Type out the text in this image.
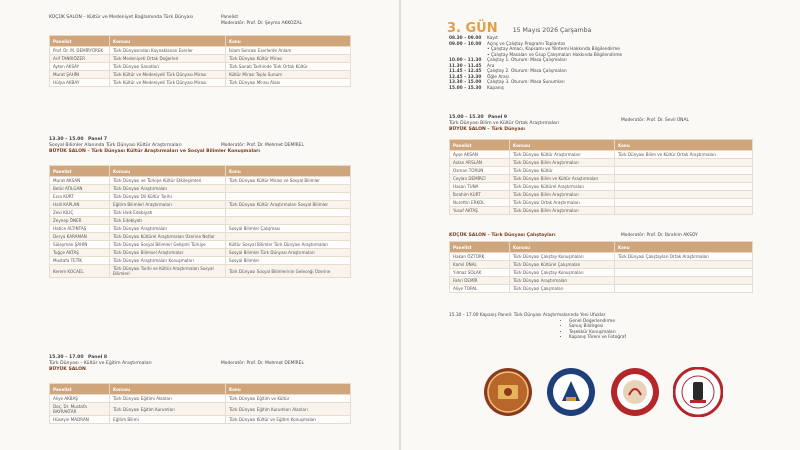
KÜÇÜK SALON – Kültür ve Medeniyet Bağlamında Türk Dünyası	Panelist
Moderatör: Prof. Dr. Şeyma AKKOZAL
Panelist	Konusu	Konu
Prof. Dr. M. DEMİRYÜREK	Türk Dünyasından Kaynaklanan Eserler	İslam Sonrası Eserlerde Anlam
Arif TANRIÖZER	Türk Medeniyeti Ortak Değerleri	Türk Dünyası Kültür Mirası
Ayten AKSAY	Türk Dünyası Sanatları	Türk Sanatı Tarihinde Türk Ortak Kültür
Murat ŞAHİN	Türk Kültür ve Medeniyeti Türk Dünyası Mirası	Kültür Mirası Toplu Sunum
Hülya AKBAY	Türk Kültür ve Medeniyeti Türk Dünyası Mirası	Türk Dünyası Mirası Alanı
13.30 – 15.00 Panel 7
Sosyal Bilimler Alanında Türk Dünyası Kültür Araştırmaları
BÜYÜK SALON – Türk Dünyası Kültür Araştırmaları ve Sosyal Bilimler Konuşmaları
Moderatör: Prof. Dr. Mehmet DEMİREL
Panelist	Konusu	Konu
Murat AKSAN	Türk Dünyası ve Türkiye Kültür Etkileşimleri	Türk Dünyası Kültür Mirası ve Sosyal Bilimler
Betül ATILGAN	Türk Dünyası Araştırmaları	
Esra KURT	Türk Dünyası Dil Kültür Tarihi	
Halil KAPLAN	Eğitim Bilimleri Araştırmaları	Türk Dünyası Kültür Araştırmaları Sosyal Bilimler
Zeki KILIÇ	Türk Halk Edebiyatı	
Zeynep ÖNER	Türk Edebiyatı	
Hatice ALTINTAŞ	Türk Dünyası Araştırmaları	Sosyal Bilimler Çalışması
Derya KARAMAN	Türk Dünyası Kültürel Araştırmaları Üzerine Notlar	
Süleyman ŞAHİN	Türk Dünyası Sosyal Bilimleri Gelişimi Türkiye	Kültür Sosyal Bilimler Türk Dünyası Araştırmaları
Tuğçe AKTAŞ	Türk Dünyası Bilimsel Araştırmalar	Sosyal Bilimler Türk Dünyası Araştırmaları
Mustafa TETİK	Türk Dünyası Araştırmaları Konuşmaları	Sosyal Bilimler
Kerem KOCAEL	Türk Dünyası Tarihi ve Kültür Araştırmaları Sosyal Bilimleri	Türk Dünyası Sosyal Bilimlerinin Geleceği Üzerine
15.30 – 17.00 Panel 8
Türk Dünyası – Kültür ve Eğitim Araştırmaları
BÜYÜK SALON
Moderatör: Prof. Dr. Mehmet DEMİREL
Panelist	Konusu	Konu
Aliye AKBAŞ	Türk Dünyası Eğitimi Alanları	Türk Dünyası Eğitim ve Kültür
Doç. Dr. Mustafa BAYRAKTAR	Türk Dünyası Eğitim Kurumları	Türk Dünyası Eğitim Kurumları Alanları
Hüseyin MADRAN	Eğitim Bilimi	Türk Dünyası Kültür ve Eğitim Konuşmaları
3. GÜN 15 Mayıs 2026 Çarşamba
08.30 – 09.00	Kayıt
09.00 – 10.00	Açılış ve Çalıştay Programı Toplantısı
• Çalıştay Amacı, Kapsamı ve Yöntemi Hakkında Bilgilendirme
• Çalıştay Masaları ve Grup Çalışmaları Hakkında Bilgilendirme
10.00 – 11.30	Çalıştay 1. Oturum: Masa Çalışmaları
11.30 – 11.45	Ara
11.45 – 12.45	Çalıştay 2. Oturum: Masa Çalışmaları
12.45 – 13.30	Öğle Arası
13.30 – 15.00	Çalıştay 3. Oturum: Masa Sunumları
15.00 – 15.30	Kapanış
15.00 – 15.30 Panel 9
Türk Dünyası Bilim ve Kültür Ortak Araştırmaları
BÜYÜK SALON – Türk Dünyası
Moderatör: Prof. Dr. Sevil ÜNAL
Panelist	Konusu	Konu
Ayşe AKSAN	Türk Dünyası Kültür Araştırmaları	Türk Dünyası Bilim ve Kültür Ortak Araştırmaları
Aslan ARSLAN	Türk Dünyası Bilim Araştırmaları	
Osman TORUN	Türk Dünyası Kültür	
Ceylan DEMİRCİ	Türk Dünyası Bilim ve Kültür Araştırmaları	
Hasan TUNA	Türk Dünyası Kültürel Araştırmaları	
İbrahim KURT	Türk Dünyası Bilim Araştırmaları	
Nurettin ERKOL	Türk Dünyası Ortak Araştırmaları	
Yusuf AKTAŞ	Türk Dünyası Bilim Araştırmaları	
KÜÇÜK SALON – Türk Dünyası Çalıştayları	Moderatör: Prof. Dr. İbrahim AKSOY
Panelist	Konusu	Konu
Hakan ÖZTÜRK	Türk Dünyası Çalıştay Konuşmaları	Türk Dünyası Çalıştayları Ortak Araştırmaları
Kamil ÜNAL	Türk Dünyası Kültürel Çalışmaları	
Yılmaz SOLAK	Türk Dünyası Çalıştay Konuşmaları	
Fahri DEMİR	Türk Dünyası Araştırmaları	
Aliye TOPAL	Türk Dünyası Çalışmaları	
15.30 – 17.00 Kapanış Paneli: Türk Dünyası Araştırmalarında Yeni Ufuklar
• Genel Değerlendirme
• Sonuç Bildirgesi
• Teşekkür Konuşmaları
• Kapanış Töreni ve Fotoğraf
